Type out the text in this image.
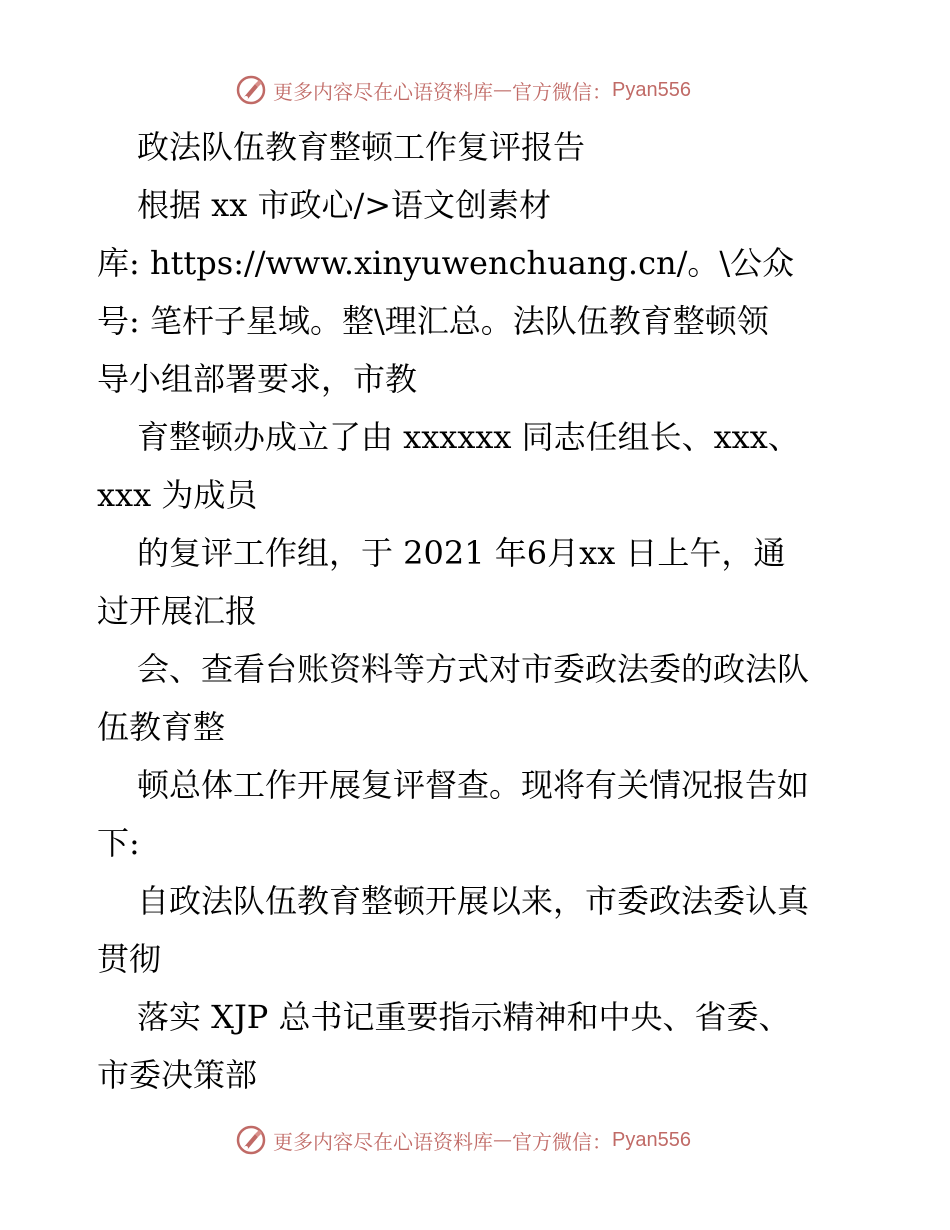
更多内容尽在心语资料库 — 官方微信： Pyan556
政法队伍教育整顿工作复评报告
根据 xx 市政心/>语文创素材
库: https://www.xinyuwenchuang.cn/。\公众
号: 笔杆子星域。整\理汇总。法队伍教育整顿领
导小组部署要求，市教
育整顿办成立了由 xxxxxx 同志任组长、xxx、
xxx 为成员
的复评工作组，于 2021 年6月xx 日上午，通
过开展汇报
会、查看台账资料等方式对市委政法委的政法队
伍教育整
顿总体工作开展复评督查。现将有关情况报告如
下:
自政法队伍教育整顿开展以来，市委政法委认真
贯彻
落实 XJP 总书记重要指示精神和中央、省委、
市委决策部
更多内容尽在心语资料库 — 官方微信： Pyan556
